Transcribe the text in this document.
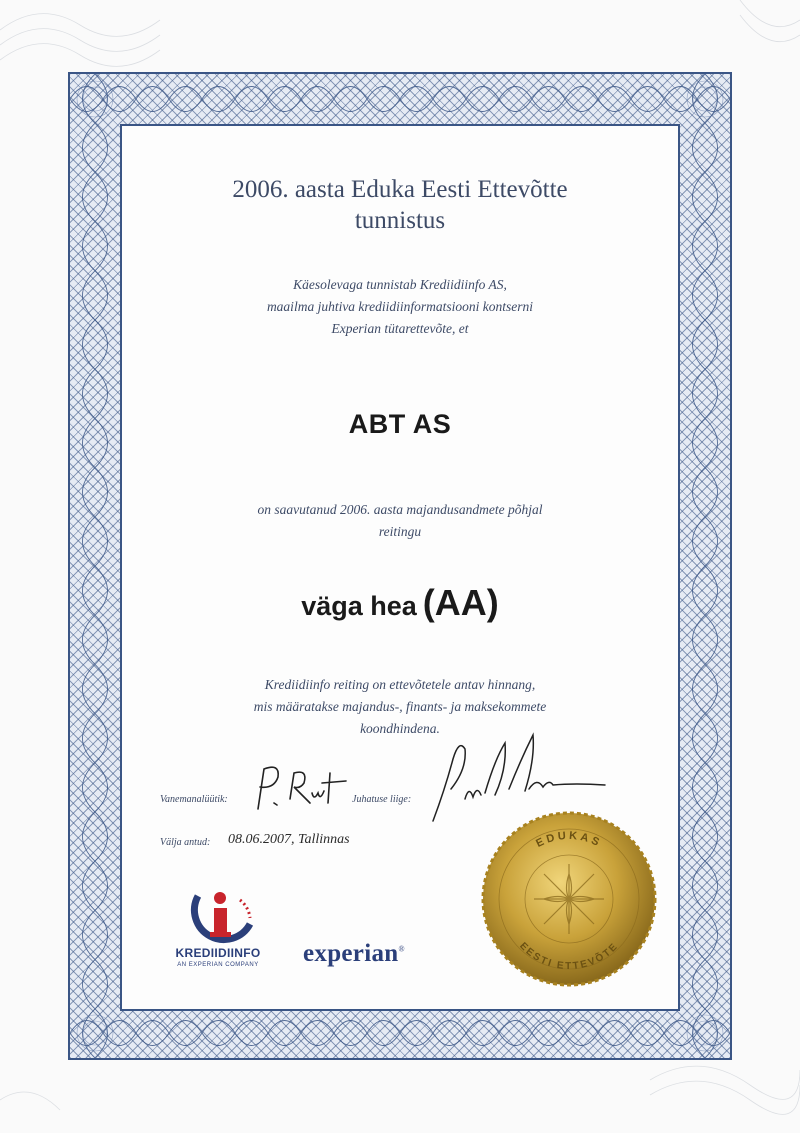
2006. aasta Eduka Eesti Ettevõtte
tunnistus
Käesolevaga tunnistab Krediidiinfo AS,
maailma juhtiva krediidiinformatsiooni kontserni
Experian tütarettevõte, et
ABT AS
on saavutanud 2006. aasta majandusandmete põhjal
reitingu
väga hea (AA)
Krediidiinfo reiting on ettevõtetele antav hinnang,
mis määratakse majandus-, finants- ja maksekommete
koondhindena.
Vanemanalüütik:	Juhatuse liige:
Välja antud: 08.06.2007, Tallinnas
KREDIIDIINFO
AN EXPERIAN COMPANY	experian®
EDUKAS
EESTI ETTEVÕTE
